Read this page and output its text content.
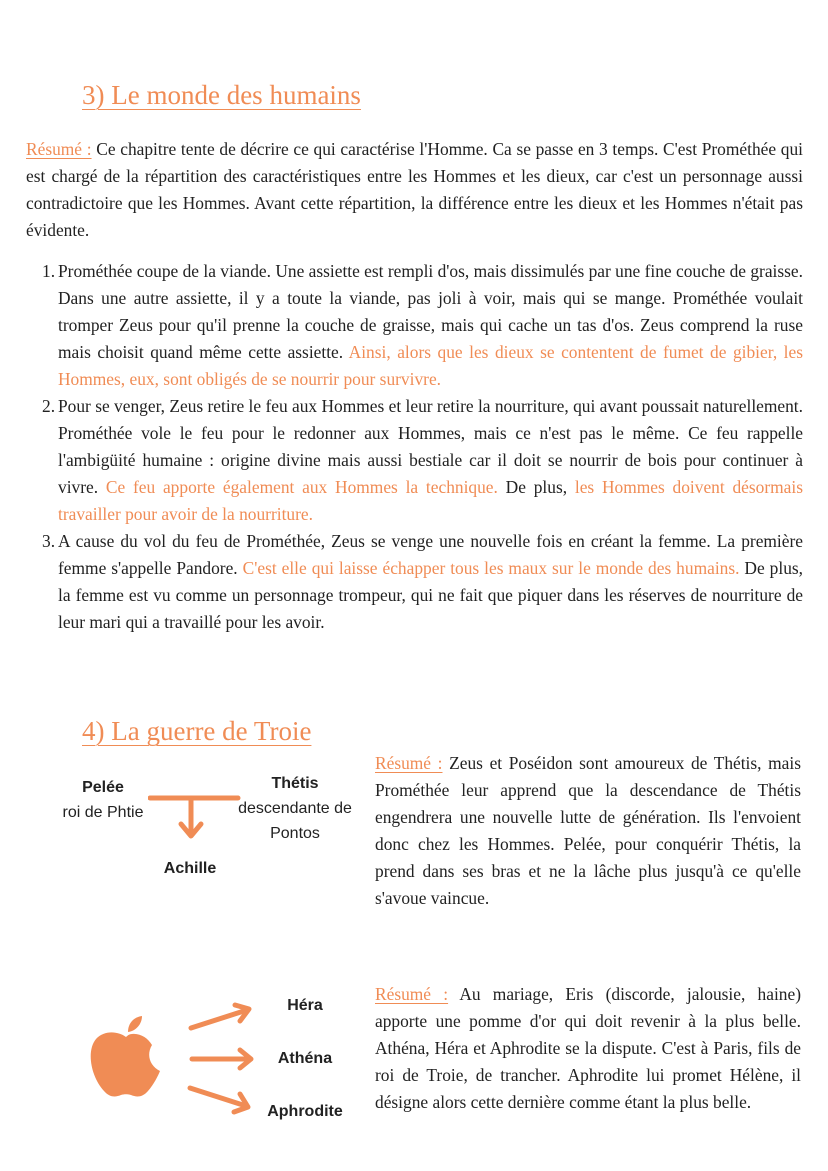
3) Le monde des humains

Résumé : Ce chapitre tente de décrire ce qui caractérise l'Homme. Ca se passe en 3 temps. C'est Prométhée qui est chargé de la répartition des caractéristiques entre les Hommes et les dieux, car c'est un personnage aussi contradictoire que les Hommes. Avant cette répartition, la différence entre les dieux et les Hommes n'était pas évidente.

1. Prométhée coupe de la viande. Une assiette est rempli d'os, mais dissimulés par une fine couche de graisse. Dans une autre assiette, il y a toute la viande, pas joli à voir, mais qui se mange. Prométhée voulait tromper Zeus pour qu'il prenne la couche de graisse, mais qui cache un tas d'os. Zeus comprend la ruse mais choisit quand même cette assiette. Ainsi, alors que les dieux se contentent de fumet de gibier, les Hommes, eux, sont obligés de se nourrir pour survivre.
2. Pour se venger, Zeus retire le feu aux Hommes et leur retire la nourriture, qui avant poussait naturellement. Prométhée vole le feu pour le redonner aux Hommes, mais ce n'est pas le même. Ce feu rappelle l'ambigüité humaine : origine divine mais aussi bestiale car il doit se nourrir de bois pour continuer à vivre. Ce feu apporte également aux Hommes la technique. De plus, les Hommes doivent désormais travailler pour avoir de la nourriture.
3. A cause du vol du feu de Prométhée, Zeus se venge une nouvelle fois en créant la femme. La première femme s'appelle Pandore. C'est elle qui laisse échapper tous les maux sur le monde des humains. De plus, la femme est vu comme un personnage trompeur, qui ne fait que piquer dans les réserves de nourriture de leur mari qui a travaillé pour les avoir.
4) La guerre de Troie
Pelée
roi de Phtie
Thétis
descendante de
Pontos
Achille

Résumé : Zeus et Poséidon sont amoureux de Thétis, mais Prométhée leur apprend que la descendance de Thétis engendrera une nouvelle lutte de génération. Ils l'envoient donc chez les Hommes. Pelée, pour conquérir Thétis, la prend dans ses bras et ne la lâche plus jusqu'à ce qu'elle s'avoue vaincue.

Héra
Athéna
Aphrodite

Résumé : Au mariage, Eris (discorde, jalousie, haine) apporte une pomme d'or qui doit revenir à la plus belle. Athéna, Héra et Aphrodite se la dispute. C'est à Paris, fils de roi de Troie, de trancher. Aphrodite lui promet Hélène, il désigne alors cette dernière comme étant la plus belle.
